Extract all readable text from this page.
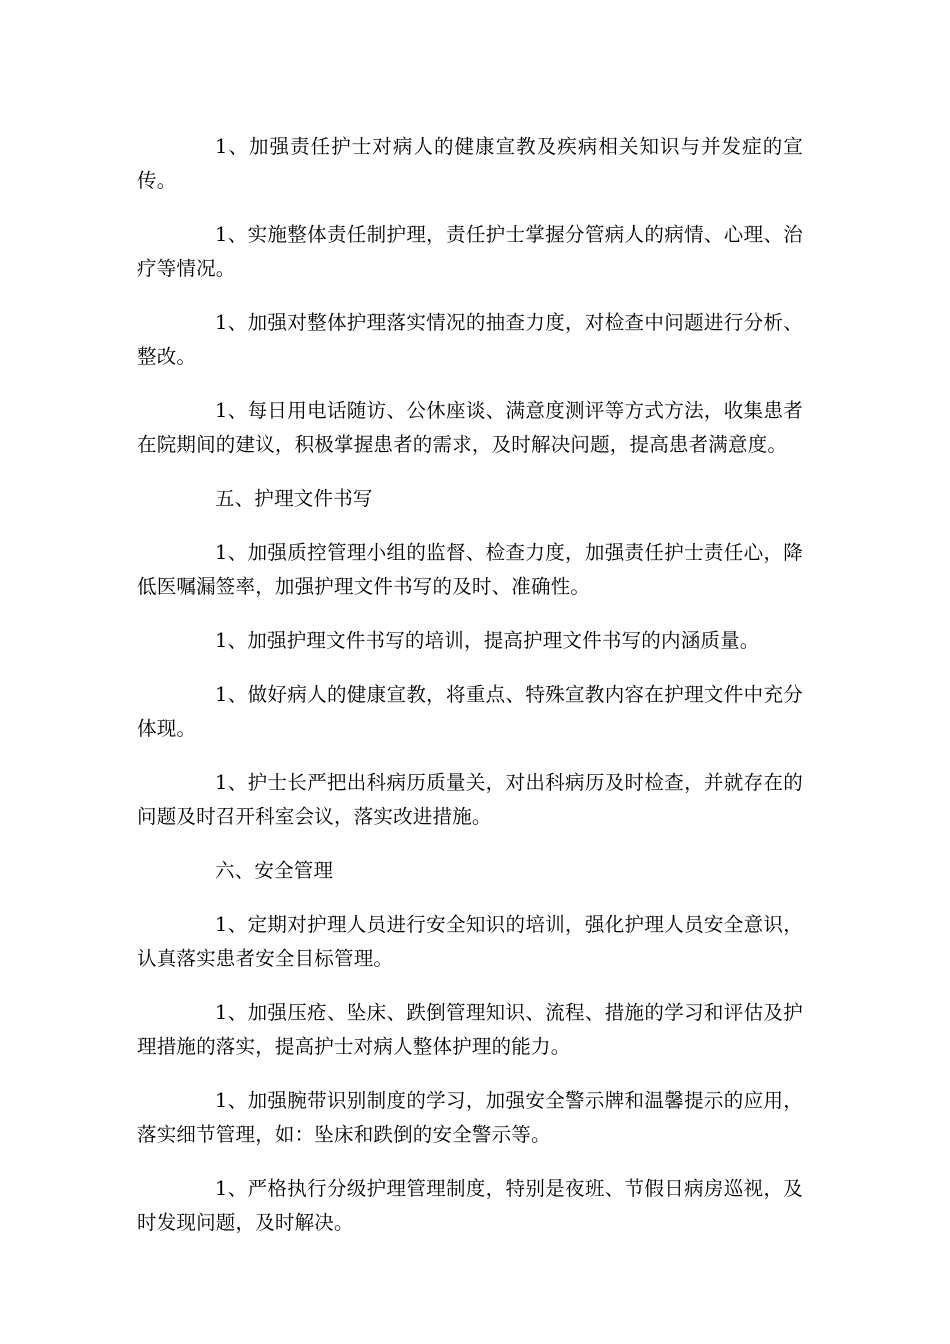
1、加强责任护士对病人的健康宣教及疾病相关知识与并发症的宣传。

1、实施整体责任制护理，责任护士掌握分管病人的病情、心理、治疗等情况。

1、加强对整体护理落实情况的抽查力度，对检查中问题进行分析、整改。

1、每日用电话随访、公休座谈、满意度测评等方式方法，收集患者在院期间的建议，积极掌握患者的需求，及时解决问题，提高患者满意度。

五、护理文件书写

1、加强质控管理小组的监督、检查力度，加强责任护士责任心，降低医嘱漏签率，加强护理文件书写的及时、准确性。

1、加强护理文件书写的培训，提高护理文件书写的内涵质量。

1、做好病人的健康宣教，将重点、特殊宣教内容在护理文件中充分体现。

1、护士长严把出科病历质量关，对出科病历及时检查，并就存在的问题及时召开科室会议，落实改进措施。

六、安全管理

1、定期对护理人员进行安全知识的培训，强化护理人员安全意识，认真落实患者安全目标管理。

1、加强压疮、坠床、跌倒管理知识、流程、措施的学习和评估及护理措施的落实，提高护士对病人整体护理的能力。

1、加强腕带识别制度的学习，加强安全警示牌和温馨提示的应用，落实细节管理，如：坠床和跌倒的安全警示等。

1、严格执行分级护理管理制度，特别是夜班、节假日病房巡视，及时发现问题，及时解决。
